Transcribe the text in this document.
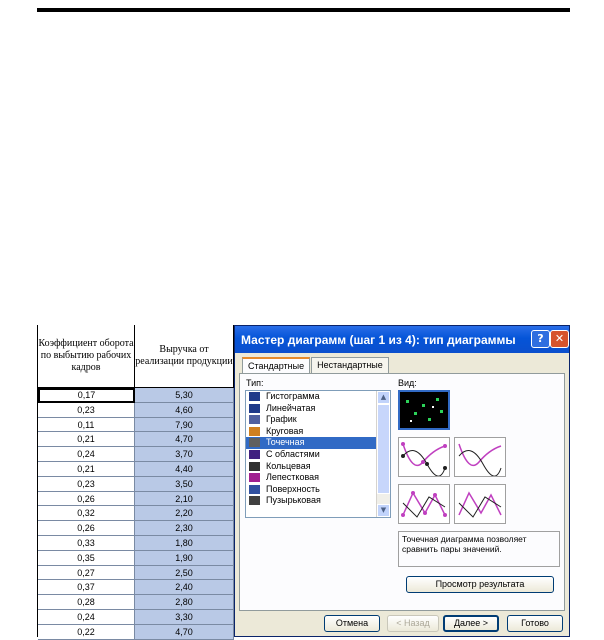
Коэффициент оборота по выбытию рабочих кадров
Выручка от реализации продукции
0,17	5,30
0,23	4,60
0,11	7,90
0,21	4,70
0,24	3,70
0,21	4,40
0,23	3,50
0,26	2,10
0,32	2,20
0,26	2,30
0,33	1,80
0,35	1,90
0,27	2,50
0,37	2,40
0,28	2,80
0,24	3,30
0,22	4,70
Мастер диаграмм (шаг 1 из 4): тип диаграммы	?	✕
Стандартные	Нестандартные
Тип:	Вид:
Гистограмма
Линейчатая
График
Круговая
Точечная
С областями
Кольцевая
Лепестковая
Поверхность
Пузырьковая
▲
▼
Точечная диаграмма позволяет сравнить пары значений.
Просмотр результата
Отмена	< Назад	Далее >	Готово
